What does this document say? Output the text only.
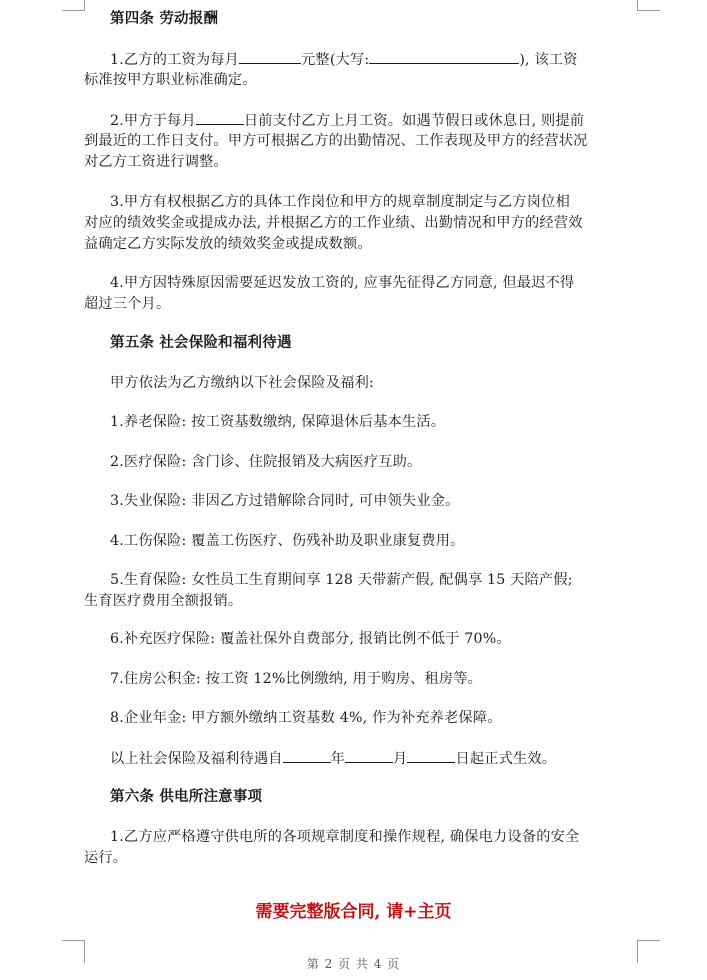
第四条 劳动报酬
1.乙方的工资为每月	元整(大写:	), 该工资
标准按甲方职业标准确定。
2.甲方于每月	日前支付乙方上月工资。如遇节假日或休息日, 则提前
到最近的工作日支付。甲方可根据乙方的出勤情况、工作表现及甲方的经营状况
对乙方工资进行调整。
3.甲方有权根据乙方的具体工作岗位和甲方的规章制度制定与乙方岗位相
对应的绩效奖金或提成办法, 并根据乙方的工作业绩、出勤情况和甲方的经营效
益确定乙方实际发放的绩效奖金或提成数额。
4.甲方因特殊原因需要延迟发放工资的, 应事先征得乙方同意, 但最迟不得
超过三个月。
第五条 社会保险和福利待遇
甲方依法为乙方缴纳以下社会保险及福利:
1.养老保险: 按工资基数缴纳, 保障退休后基本生活。
2.医疗保险: 含门诊、住院报销及大病医疗互助。
3.失业保险: 非因乙方过错解除合同时, 可申领失业金。
4.工伤保险: 覆盖工伤医疗、伤残补助及职业康复费用。
5.生育保险: 女性员工生育期间享 128 天带薪产假, 配偶享 15 天陪产假;
生育医疗费用全额报销。
6.补充医疗保险: 覆盖社保外自费部分, 报销比例不低于 70%。
7.住房公积金: 按工资 12%比例缴纳, 用于购房、租房等。
8.企业年金: 甲方额外缴纳工资基数 4%, 作为补充养老保障。
以上社会保险及福利待遇自	年	月	日起正式生效。
第六条 供电所注意事项
1.乙方应严格遵守供电所的各项规章制度和操作规程, 确保电力设备的安全
运行。
需要完整版合同, 请+主页
第 2 页 共 4 页
